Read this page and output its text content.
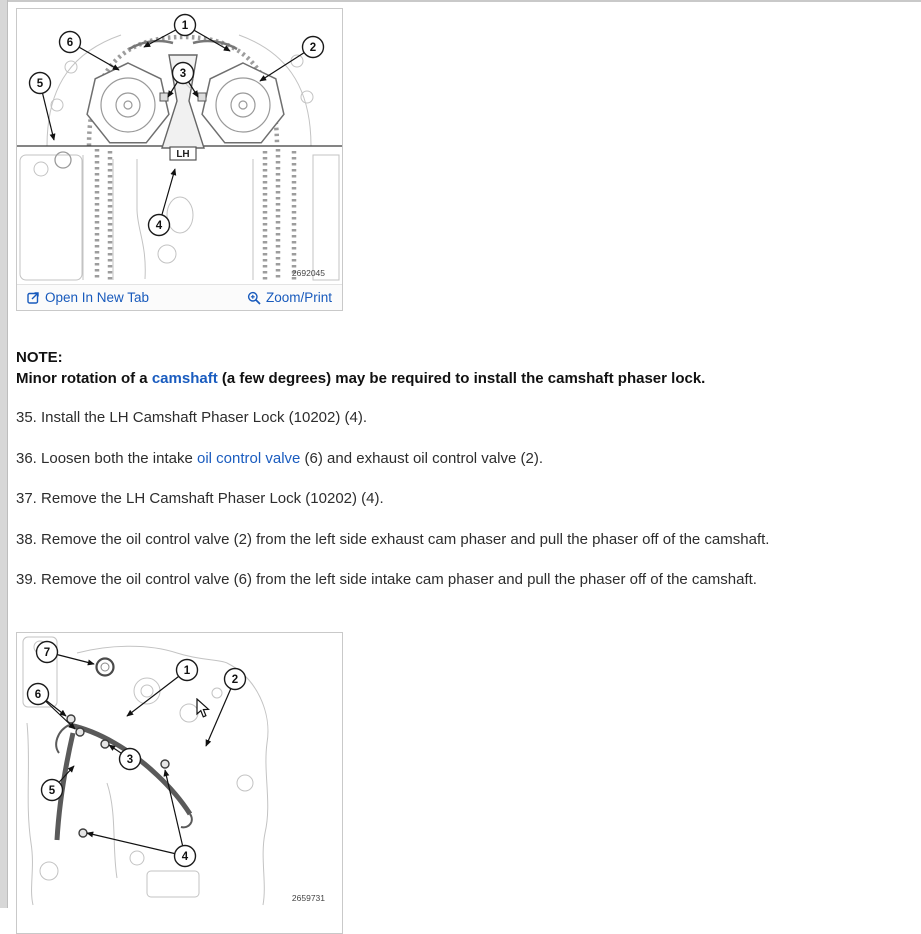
LH
1
6	2
3
5
4
2692045
Open In New Tab	Zoom/Print
NOTE:
Minor rotation of a camshaft (a few degrees) may be required to install the camshaft phaser lock.

35. Install the LH Camshaft Phaser Lock (10202) (4).

36. Loosen both the intake oil control valve (6) and exhaust oil control valve (2).

37. Remove the LH Camshaft Phaser Lock (10202) (4).

38. Remove the oil control valve (2) from the left side exhaust cam phaser and pull the phaser off of the camshaft.

39. Remove the oil control valve (6) from the left side intake cam phaser and pull the phaser off of the camshaft.

7
1
2
6
3
5
4
2659731
